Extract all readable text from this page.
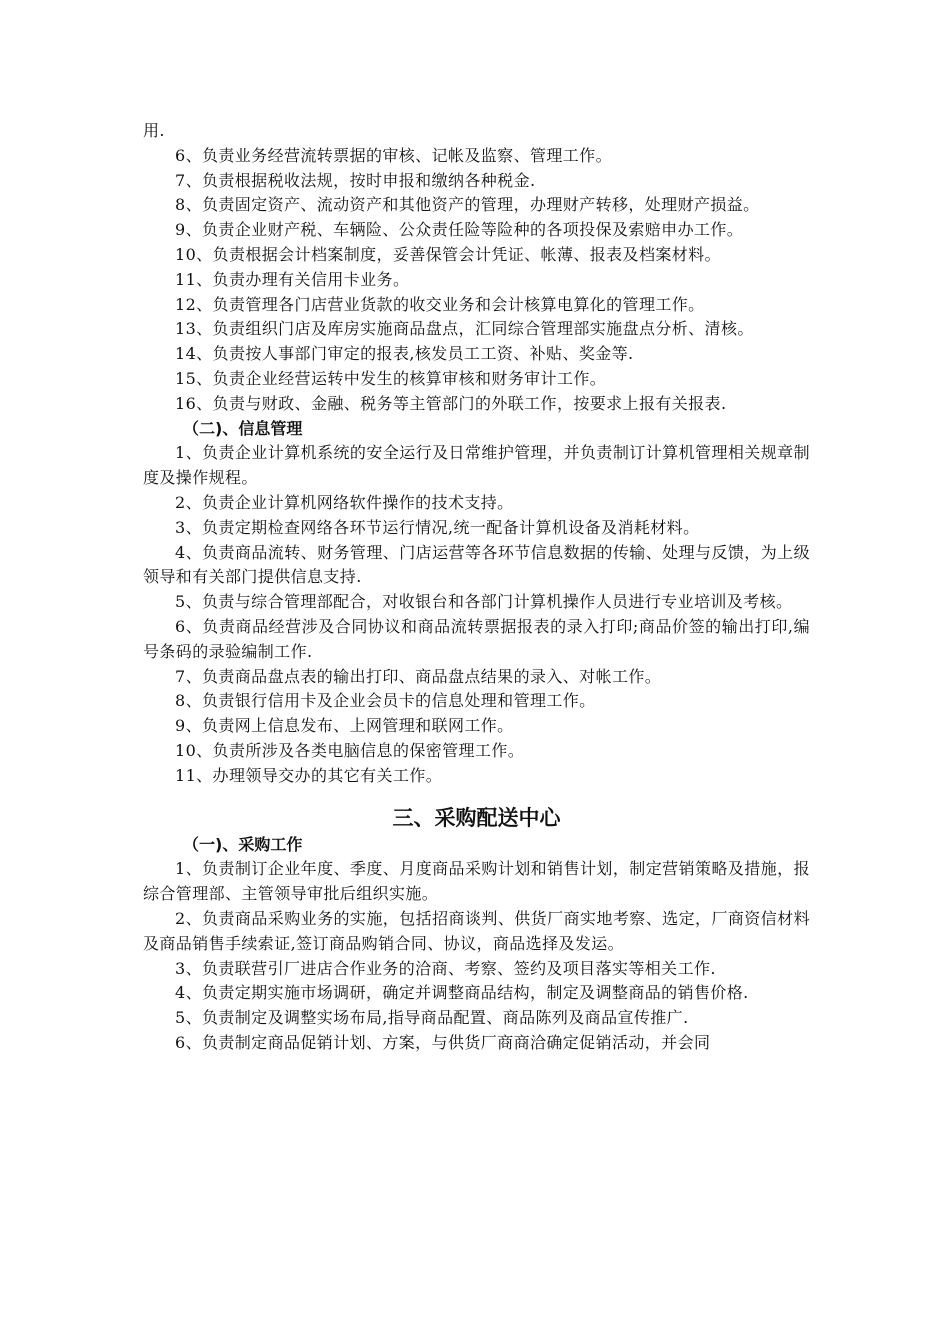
用.

6、负责业务经营流转票据的审核、记帐及监察、管理工作。

7、负责根据税收法规，按时申报和缴纳各种税金.

8、负责固定资产、流动资产和其他资产的管理，办理财产转移，处理财产损益。

9、负责企业财产税、车辆险、公众责任险等险种的各项投保及索赔申办工作。

10、负责根据会计档案制度，妥善保管会计凭证、帐薄、报表及档案材料。

11、负责办理有关信用卡业务。

12、负责管理各门店营业货款的收交业务和会计核算电算化的管理工作。

13、负责组织门店及库房实施商品盘点，汇同综合管理部实施盘点分析、清核。

14、负责按人事部门审定的报表,核发员工工资、补贴、奖金等.

15、负责企业经营运转中发生的核算审核和财务审计工作。

16、负责与财政、金融、税务等主管部门的外联工作，按要求上报有关报表.

（二)、信息管理

1、负责企业计算机系统的安全运行及日常维护管理，并负责制订计算机管理相关规章制度及操作规程。

2、负责企业计算机网络软件操作的技术支持。

3、负责定期检查网络各环节运行情况,统一配备计算机设备及消耗材料。

4、负责商品流转、财务管理、门店运营等各环节信息数据的传输、处理与反馈，为上级领导和有关部门提供信息支持.

5、负责与综合管理部配合，对收银台和各部门计算机操作人员进行专业培训及考核。

6、负责商品经营涉及合同协议和商品流转票据报表的录入打印;商品价签的输出打印,编号条码的录验编制工作.

7、负责商品盘点表的输出打印、商品盘点结果的录入、对帐工作。

8、负责银行信用卡及企业会员卡的信息处理和管理工作。

9、负责网上信息发布、上网管理和联网工作。

10、负责所涉及各类电脑信息的保密管理工作。

11、办理领导交办的其它有关工作。

三、采购配送中心

（一)、采购工作

1、负责制订企业年度、季度、月度商品采购计划和销售计划，制定营销策略及措施，报综合管理部、主管领导审批后组织实施。

2、负责商品采购业务的实施，包括招商谈判、供货厂商实地考察、选定，厂商资信材料及商品销售手续索证,签订商品购销合同、协议，商品选择及发运。

3、负责联营引厂进店合作业务的洽商、考察、签约及项目落实等相关工作.

4、负责定期实施市场调研，确定并调整商品结构，制定及调整商品的销售价格.

5、负责制定及调整实场布局,指导商品配置、商品陈列及商品宣传推广.

6、负责制定商品促销计划、方案，与供货厂商商洽确定促销活动，并会同
